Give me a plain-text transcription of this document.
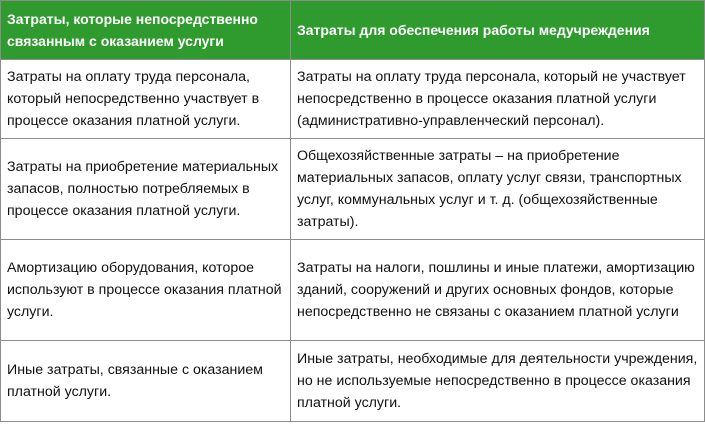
Затраты, которые непосредственно связанным с оказанием услуги	Затраты для обеспечения работы медучреждения
Затраты на оплату труда персонала, который непосредственно участвует в процессе оказания платной услуги.	Затраты на оплату труда персонала, который не участвует непосредственно в процессе оказания платной услуги (административно-управленческий персонал).
Затраты на приобретение материальных запасов, полностью потребляемых в процессе оказания платной услуги.	Общехозяйственные затраты – на приобретение материальных запасов, оплату услуг связи, транспортных услуг, коммунальных услуг и т. д. (общехозяйственные затраты).
Амортизацию оборудования, которое используют в процессе оказания платной услуги.	Затраты на налоги, пошлины и иные платежи, амортизацию зданий, сооружений и других основных фондов, которые непосредственно не связаны с оказанием платной услуги
Иные затраты, связанные с оказанием платной услуги.	Иные затраты, необходимые для деятельности учреждения, но не используемые непосредственно в процессе оказания платной услуги.
